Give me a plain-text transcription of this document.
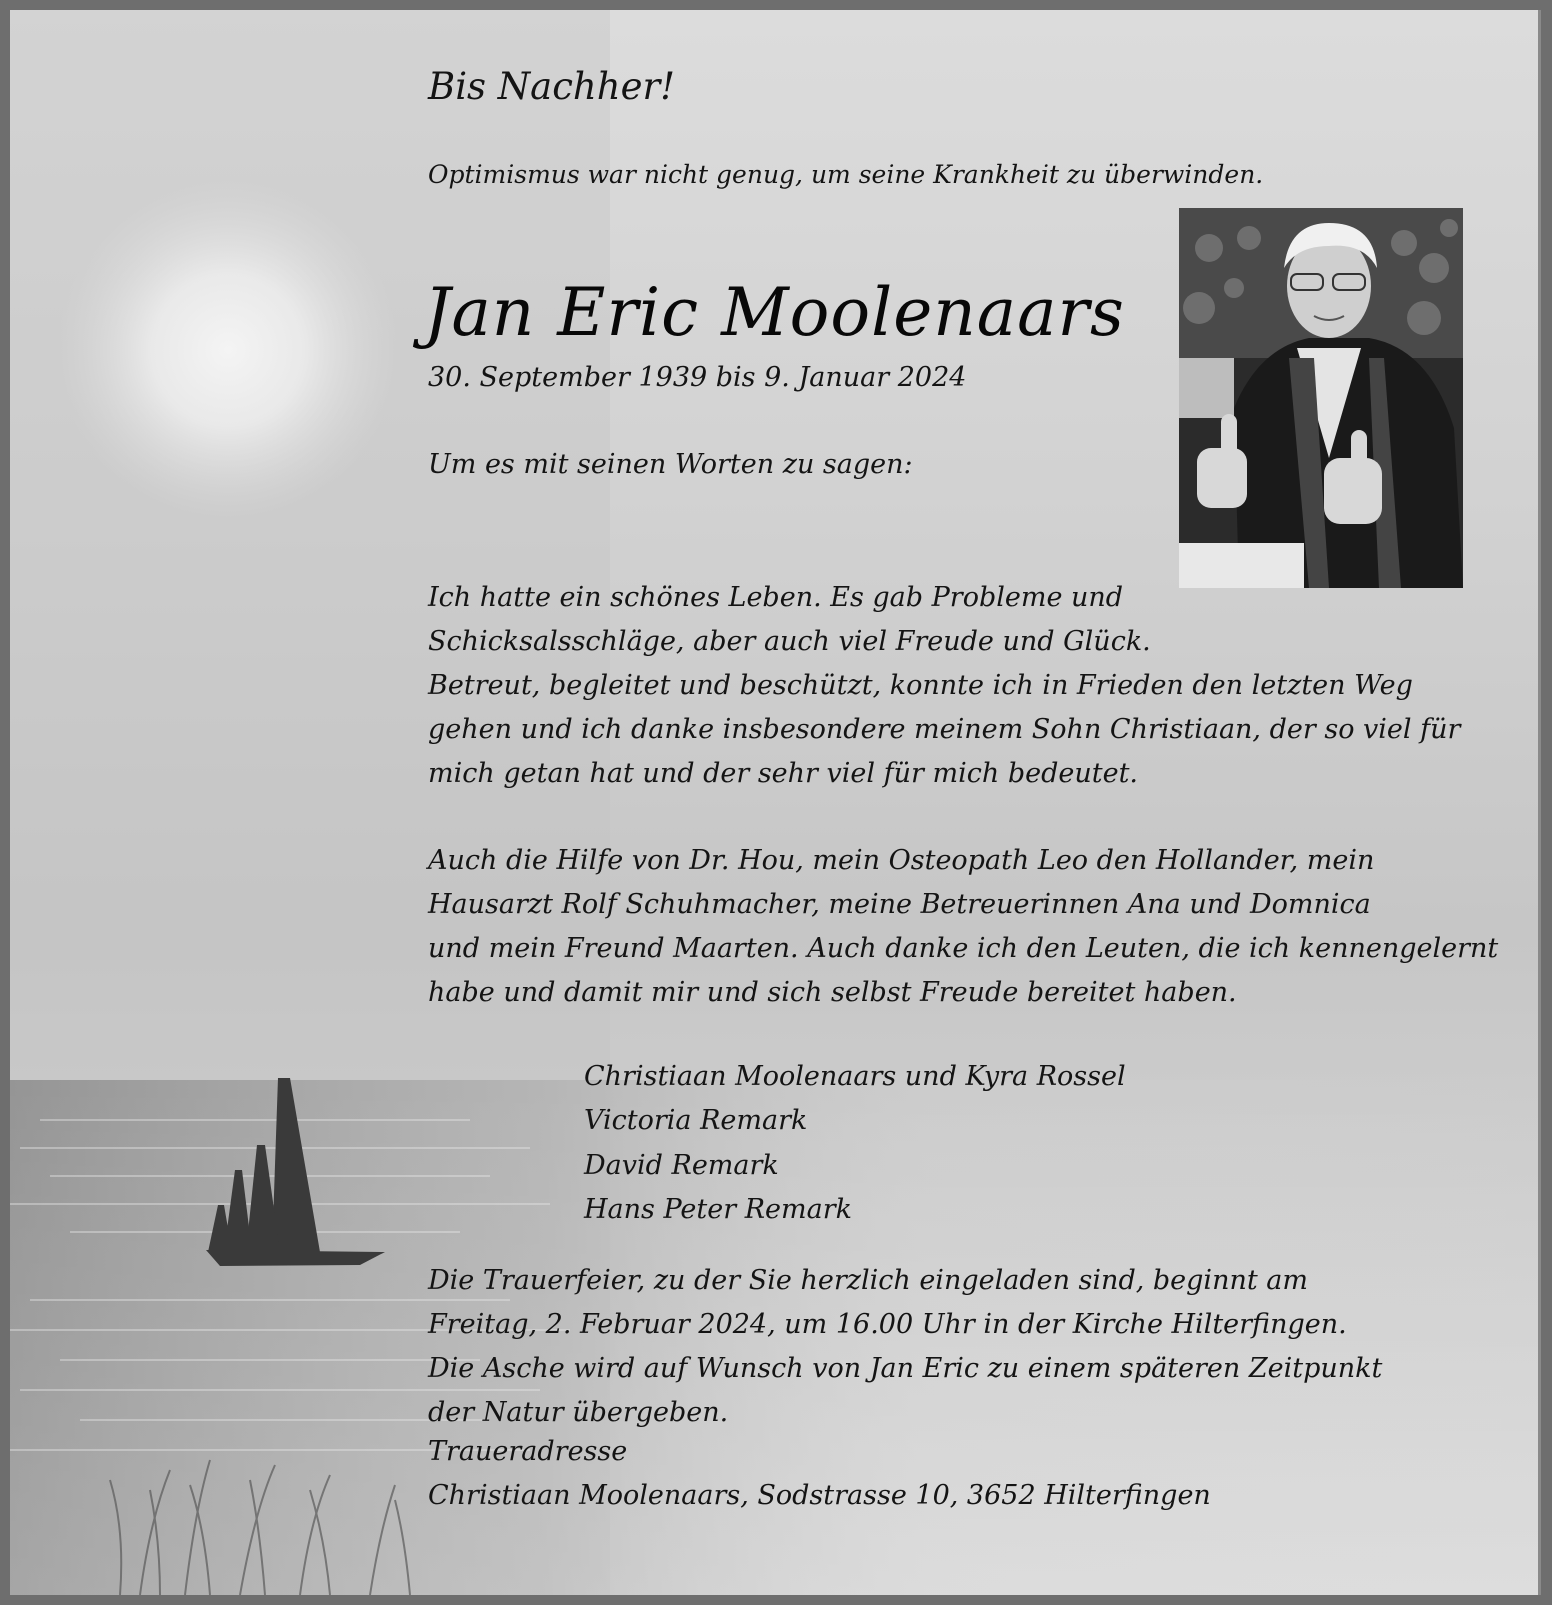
Bis Nachher!
Optimismus war nicht genug, um seine Krankheit zu überwinden.
Jan Eric Moolenaars
30. September 1939 bis 9. Januar 2024
Um es mit seinen Worten zu sagen:

Ich hatte ein schönes Leben. Es gab Probleme und
Schicksalsschläge, aber auch viel Freude und Glück.
Betreut, begleitet und beschützt, konnte ich in Frieden den letzten Weg
gehen und ich danke insbesondere meinem Sohn Christiaan, der so viel für
mich getan hat und der sehr viel für mich bedeutet.

Auch die Hilfe von Dr. Hou, mein Osteopath Leo den Hollander, mein
Hausarzt Rolf Schuhmacher, meine Betreuerinnen Ana und Domnica
und mein Freund Maarten. Auch danke ich den Leuten, die ich kennengelernt
habe und damit mir und sich selbst Freude bereitet haben.

Christiaan Moolenaars und Kyra Rossel
Victoria Remark
David Remark
Hans Peter Remark

Die Trauerfeier, zu der Sie herzlich eingeladen sind, beginnt am
Freitag, 2. Februar 2024, um 16.00 Uhr in der Kirche Hilterfingen.
Die Asche wird auf Wunsch von Jan Eric zu einem späteren Zeitpunkt
der Natur übergeben.
Traueradresse
Christiaan Moolenaars, Sodstrasse 10, 3652 Hilterfingen
